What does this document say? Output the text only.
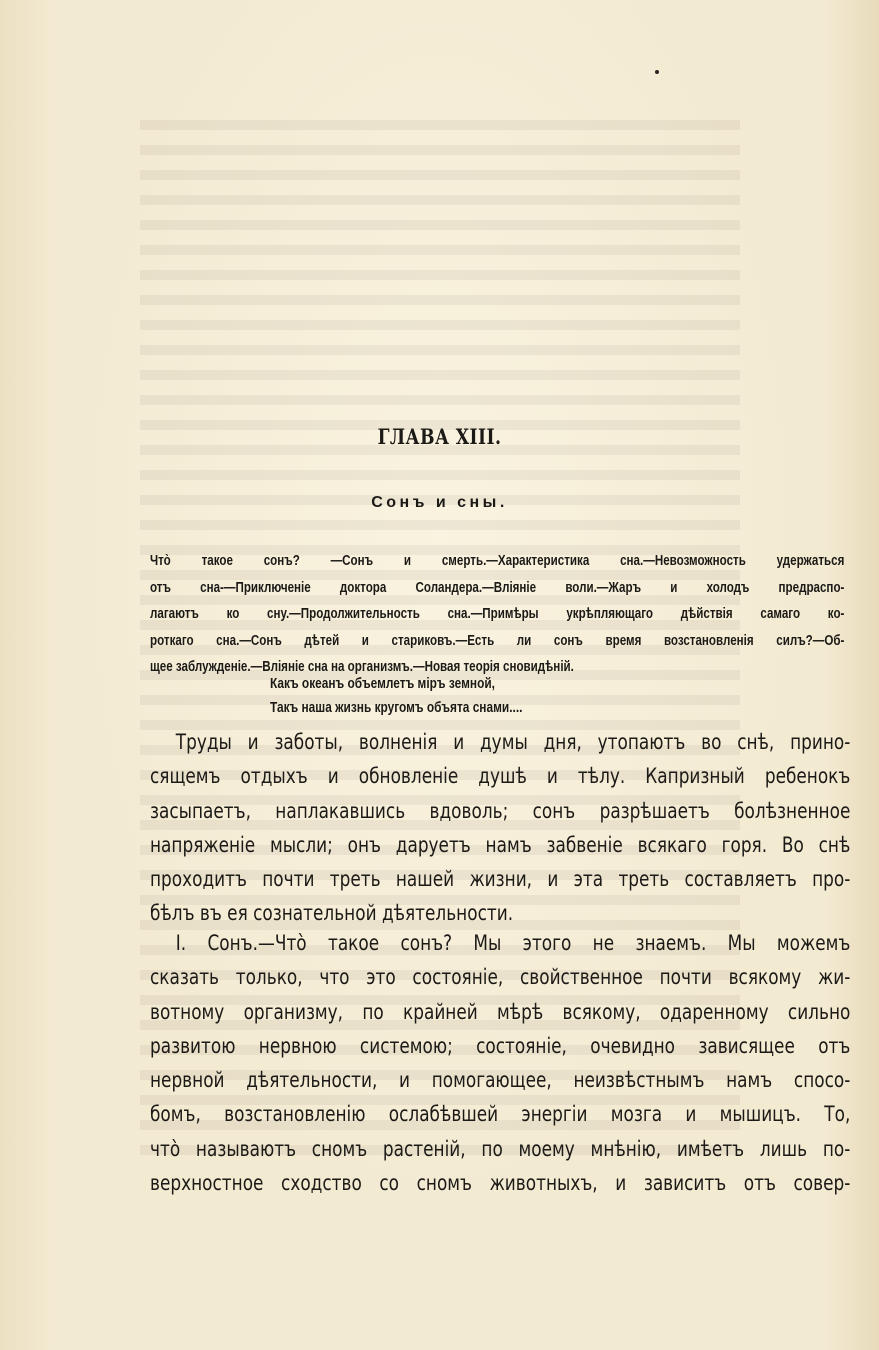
ГЛАВА XIII.
Сонъ и сны.
Что̀ такое сонъ? —Сонъ и смерть.—Характеристика сна.—Невозможность удержаться
отъ сна-—Приключеніе доктора Солaндера.—Вліяніе воли.—Жаръ и холодъ предраспо-
лагаютъ ко сну.—Продолжительность сна.—Примѣры укрѣпляющаго дѣйствія самаго ко-
роткаго сна.—Сонъ дѣтей и стариковъ.—Есть ли сонъ время возстановленія силъ?—Об-
щее заблужденіе.—Вліяніе сна на организмъ.—Новая теорія сновидѣній.
Какъ океанъ объемлетъ міръ земной,
Такъ наша жизнь кругомъ объята снами....
Труды и заботы, волненія и думы дня, утопаютъ во снѣ, прино-
сящемъ отдыхъ и обновленіе душѣ и тѣлу. Капризный ребенокъ
засыпаетъ, наплакавшись вдоволь; сонъ разрѣшаетъ болѣзненное
напряженіе мысли; онъ даруетъ намъ забвеніе всякаго горя. Во снѣ
проходитъ почти треть нашей жизни, и эта треть составляетъ про-
бѣлъ въ ея сознательной дѣятельности.
I. Сонъ.—Что̀ такое сонъ? Мы этого не знаемъ. Мы можемъ
сказать только, что это состояніе, свойственное почти всякому жи-
вотному организму, по крайней мѣрѣ всякому, одаренному сильно
развитою нервною системою; состояніе, очевидно зависящее отъ
нервной дѣятельности, и помогающее, неизвѣстнымъ намъ спосо-
бомъ, возстановленію ослабѣвшей энергіи мозга и мышицъ. То,
что̀ называютъ сномъ растеній, по моему мнѣнію, имѣетъ лишь по-
верхностное сходство со сномъ животныхъ, и зависитъ отъ совер-
